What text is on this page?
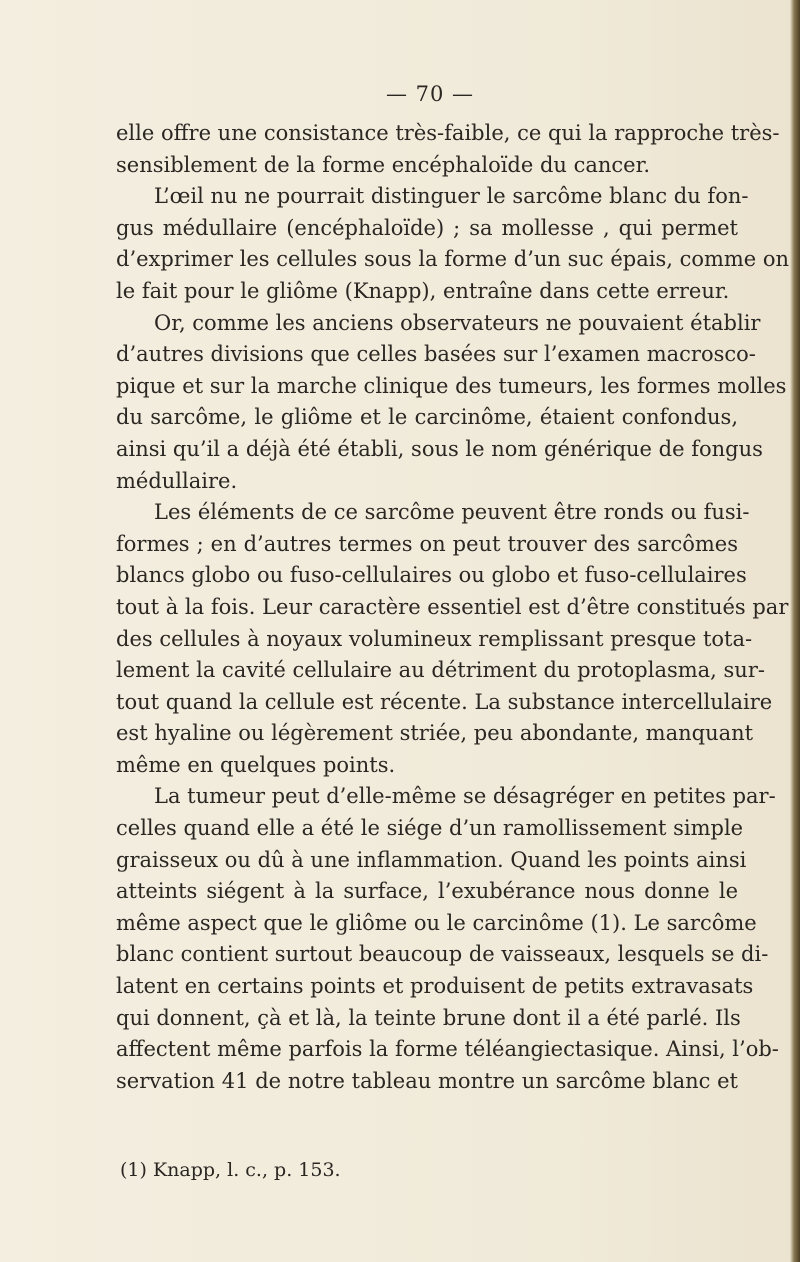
— 70 —
elle offre une consistance très-faible, ce qui la rapproche très-
sensiblement de la forme encéphaloïde du cancer.
L’œil nu ne pourrait distinguer le sarcôme blanc du fon-
gus médullaire (encéphaloïde) ; sa mollesse , qui permet
d’exprimer les cellules sous la forme d’un suc épais, comme on
le fait pour le gliôme (Knapp), entraîne dans cette erreur.
Or, comme les anciens observateurs ne pouvaient établir
d’autres divisions que celles basées sur l’examen macrosco-
pique et sur la marche clinique des tumeurs, les formes molles
du sarcôme, le gliôme et le carcinôme, étaient confondus,
ainsi qu’il a déjà été établi, sous le nom générique de fongus
médullaire.
Les éléments de ce sarcôme peuvent être ronds ou fusi-
formes ; en d’autres termes on peut trouver des sarcômes
blancs globo ou fuso-cellulaires ou globo et fuso-cellulaires
tout à la fois. Leur caractère essentiel est d’être constitués par
des cellules à noyaux volumineux remplissant presque tota-
lement la cavité cellulaire au détriment du protoplasma, sur-
tout quand la cellule est récente. La substance intercellulaire
est hyaline ou légèrement striée, peu abondante, manquant
même en quelques points.
La tumeur peut d’elle-même se désagréger en petites par-
celles quand elle a été le siége d’un ramollissement simple
graisseux ou dû à une inflammation. Quand les points ainsi
atteints siégent à la surface, l’exubérance nous donne le
même aspect que le gliôme ou le carcinôme (1). Le sarcôme
blanc contient surtout beaucoup de vaisseaux, lesquels se di-
latent en certains points et produisent de petits extravasats
qui donnent, çà et là, la teinte brune dont il a été parlé. Ils
affectent même parfois la forme téléangiectasique. Ainsi, l’ob-
servation 41 de notre tableau montre un sarcôme blanc et
(1) Knapp, l. c., p. 153.
